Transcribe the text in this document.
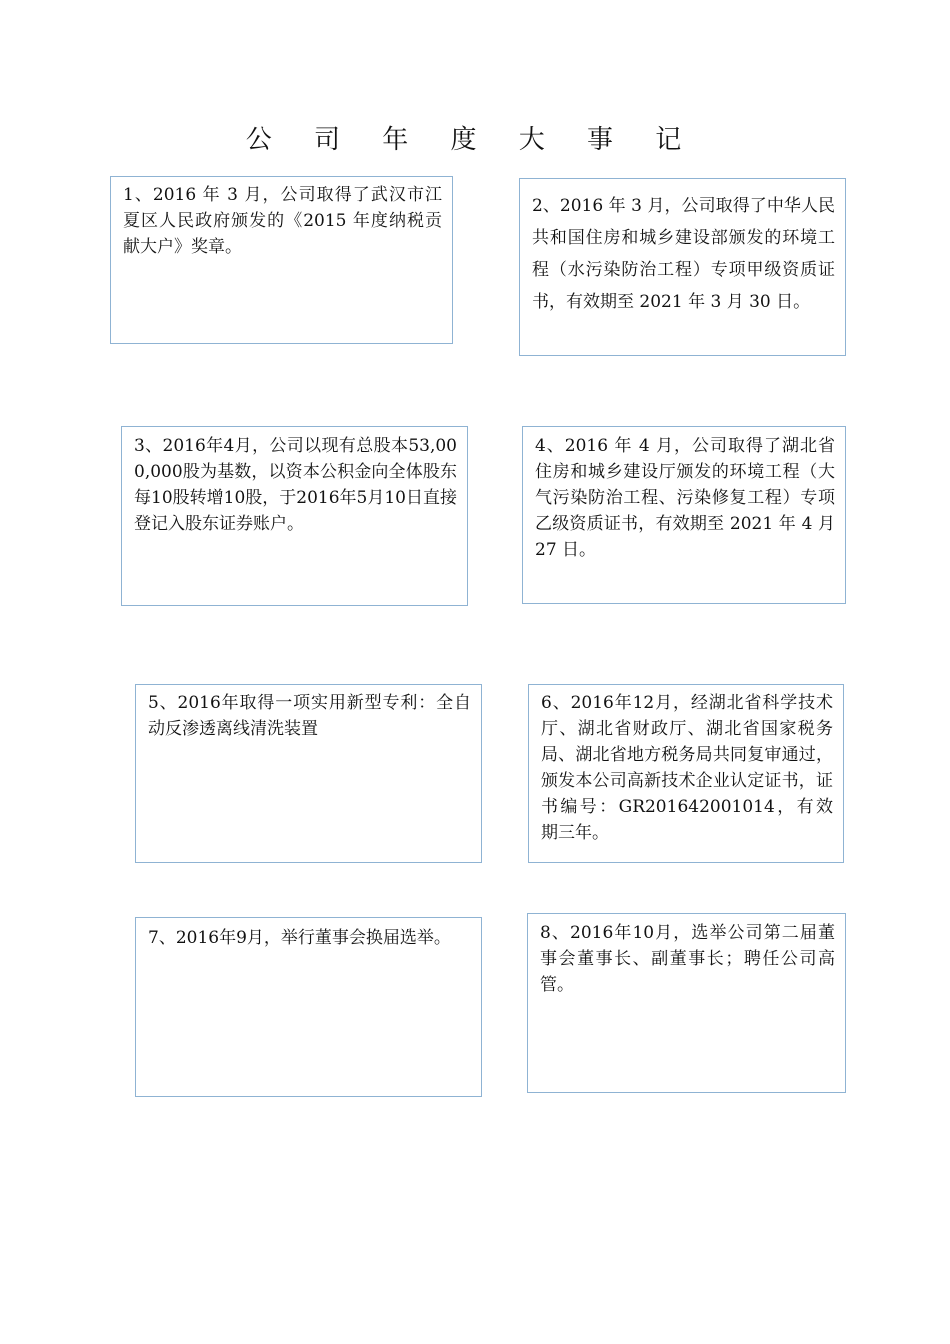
公 司 年 度 大 事 记
1、2016 年 3 月，公司取得了武汉市江夏区人民政府颁发的《2015 年度纳税贡献大户》奖章。
2、2016 年 3 月，公司取得了中华人民共和国住房和城乡建设部颁发的环境工程（水污染防治工程）专项甲级资质证书，有效期至 2021 年 3 月 30 日。
3、2016年4月，公司以现有总股本53,000,000股为基数，以资本公积金向全体股东每10股转增10股，于2016年5月10日直接登记入股东证券账户。
4、2016 年 4 月，公司取得了湖北省住房和城乡建设厅颁发的环境工程（大气污染防治工程、污染修复工程）专项乙级资质证书，有效期至 2021 年 4 月 27 日。
5、2016年取得一项实用新型专利：全自动反渗透离线清洗装置
6、2016年12月，经湖北省科学技术厅、湖北省财政厅、湖北省国家税务局、湖北省地方税务局共同复审通过，颁发本公司高新技术企业认定证书，证书编号：GR201642001014，有效期三年。
7、2016年9月，举行董事会换届选举。	8、2016年10月，选举公司第二届董事会董事长、副董事长；聘任公司高管。
